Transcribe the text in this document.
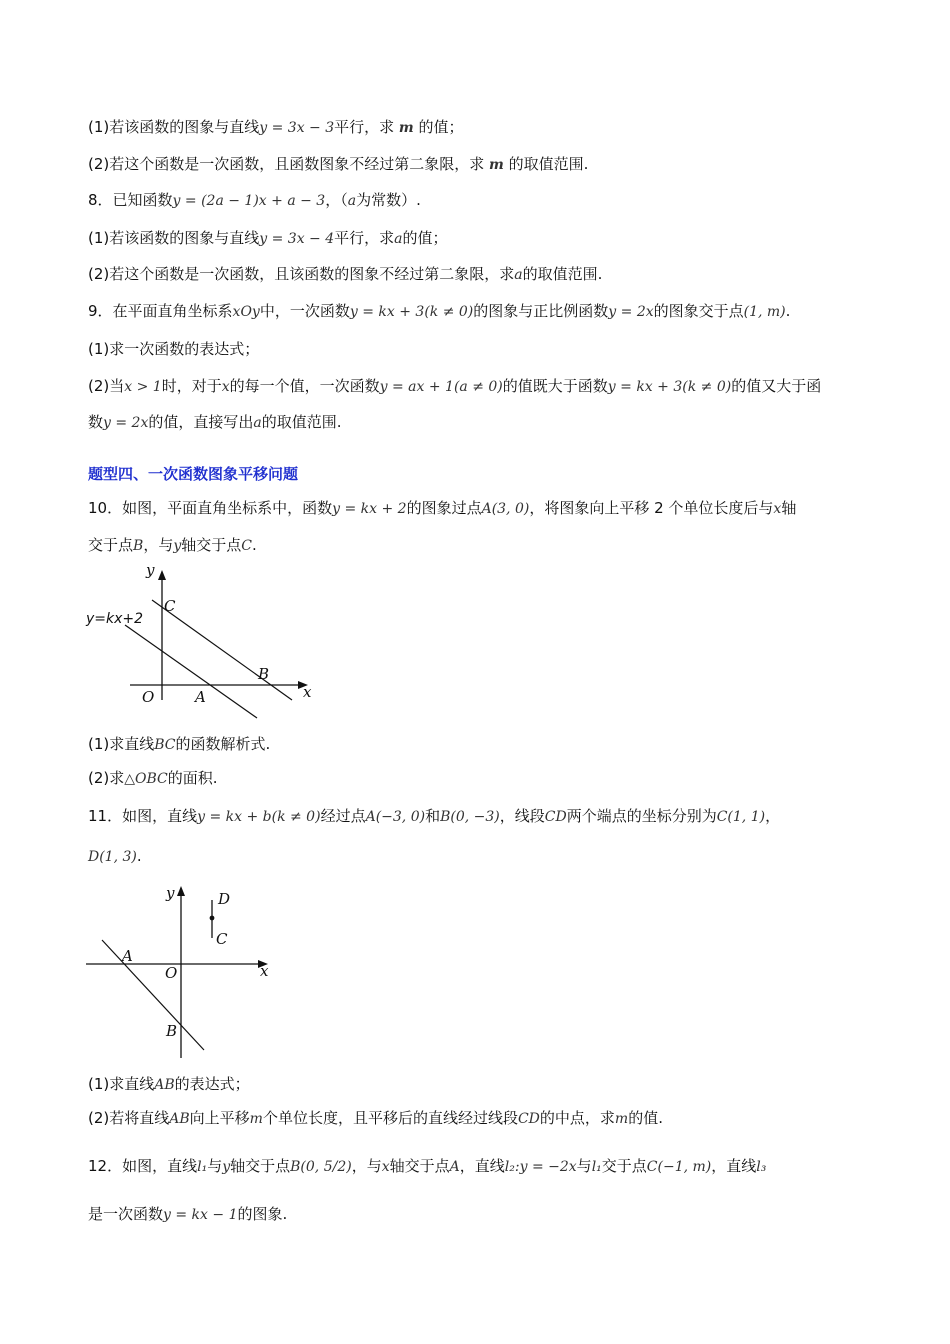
(1)若该函数的图象与直线y = 3x − 3平行，求 m 的值；
(2)若这个函数是一次函数，且函数图象不经过第二象限，求 m 的取值范围.
8．已知函数y = (2a − 1)x + a − 3，（a为常数）.
(1)若该函数的图象与直线y = 3x − 4平行，求a的值；
(2)若这个函数是一次函数，且该函数的图象不经过第二象限，求a的取值范围.
9．在平面直角坐标系xOy中，一次函数y = kx + 3(k ≠ 0)的图象与正比例函数y = 2x的图象交于点(1, m).
(1)求一次函数的表达式；
(2)当x > 1时，对于x的每一个值，一次函数y = ax + 1(a ≠ 0)的值既大于函数y = kx + 3(k ≠ 0)的值又大于函
数y = 2x的值，直接写出a的取值范围.
题型四、一次函数图象平移问题
10．如图，平面直角坐标系中，函数y = kx + 2的图象过点A(3, 0)，将图象向上平移 2 个单位长度后与x轴
交于点B，与y轴交于点C.
y
x
C
B
O	A
y=kx+2
(1)求直线BC的函数解析式.
(2)求△OBC的面积.
11．如图，直线y = kx + b(k ≠ 0)经过点A(−3, 0)和B(0, −3)，线段CD两个端点的坐标分别为C(1, 1)，
D(1, 3).
y
x
D
C
A
O
B
(1)求直线AB的表达式；
(2)若将直线AB向上平移m个单位长度，且平移后的直线经过线段CD的中点，求m的值.
12．如图，直线l₁与y轴交于点B(0, 5/2)，与x轴交于点A，直线l₂:y = −2x与l₁交于点C(−1, m)，直线l₃
是一次函数y = kx − 1的图象.
